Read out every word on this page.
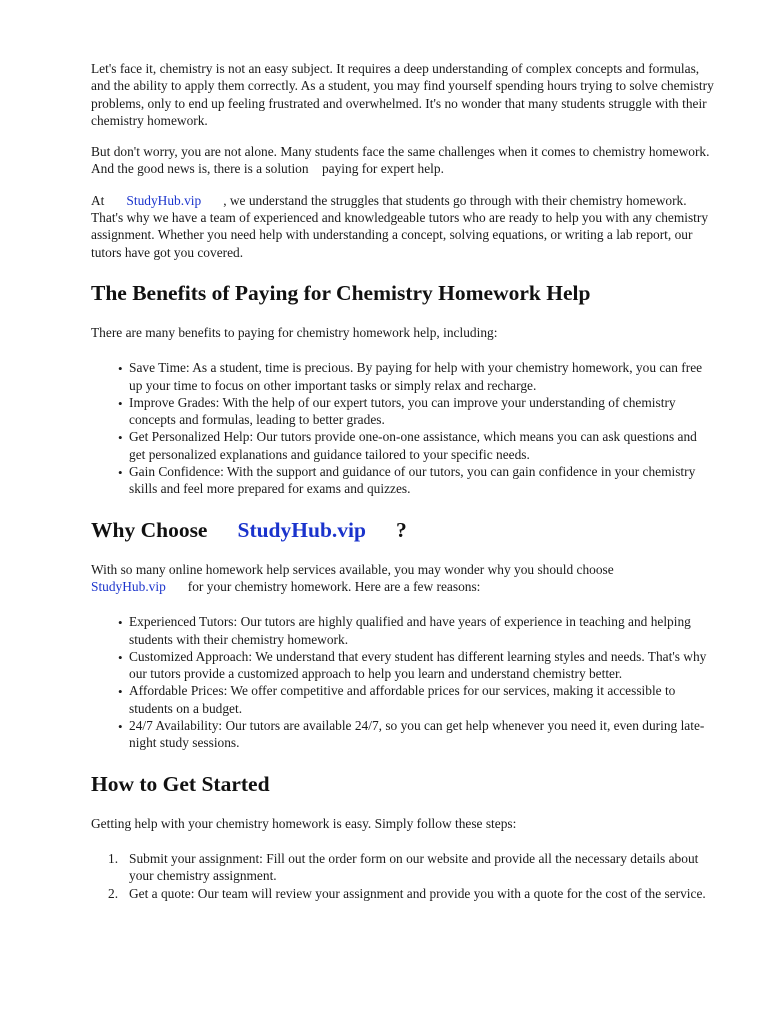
Let's face it, chemistry is not an easy subject. It requires a deep understanding of complex concepts and formulas, and the ability to apply them correctly. As a student, you may find yourself spending hours trying to solve chemistry problems, only to end up feeling frustrated and overwhelmed. It's no wonder that many students struggle with their chemistry homework.

But don't worry, you are not alone. Many students face the same challenges when it comes to chemistry homework. And the good news is, there is a solution paying for expert help.

At StudyHub.vip , we understand the struggles that students go through with their chemistry homework. That's why we have a team of experienced and knowledgeable tutors who are ready to help you with any chemistry assignment. Whether you need help with understanding a concept, solving equations, or writing a lab report, our tutors have got you covered.

The Benefits of Paying for Chemistry Homework Help

There are many benefits to paying for chemistry homework help, including:

• Save Time: As a student, time is precious. By paying for help with your chemistry homework, you can free up your time to focus on other important tasks or simply relax and recharge.
• Improve Grades: With the help of our expert tutors, you can improve your understanding of chemistry concepts and formulas, leading to better grades.
• Get Personalized Help: Our tutors provide one-on-one assistance, which means you can ask questions and get personalized explanations and guidance tailored to your specific needs.
• Gain Confidence: With the support and guidance of our tutors, you can gain confidence in your chemistry skills and feel more prepared for exams and quizzes.
Why Choose StudyHub.vip ?

With so many online homework help services available, you may wonder why you should choose StudyHub.vip for your chemistry homework. Here are a few reasons:

• Experienced Tutors: Our tutors are highly qualified and have years of experience in teaching and helping students with their chemistry homework.
• Customized Approach: We understand that every student has different learning styles and needs. That's why our tutors provide a customized approach to help you learn and understand chemistry better.
• Affordable Prices: We offer competitive and affordable prices for our services, making it accessible to students on a budget.
• 24/7 Availability: Our tutors are available 24/7, so you can get help whenever you need it, even during late-night study sessions.
How to Get Started

Getting help with your chemistry homework is easy. Simply follow these steps:

1. Submit your assignment: Fill out the order form on our website and provide all the necessary details about your chemistry assignment.
2. Get a quote: Our team will review your assignment and provide you with a quote for the cost of the service.
